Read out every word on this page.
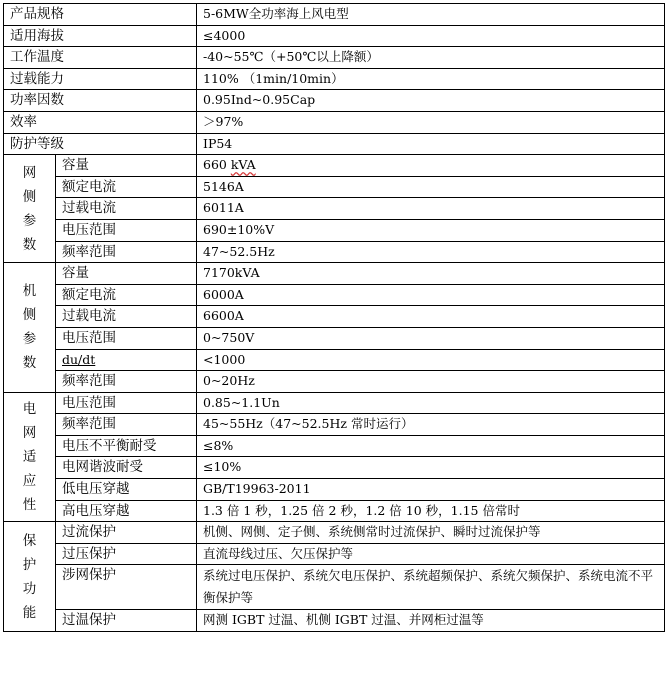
产品规格		5-6MW全功率海上风电型
适用海拔		≤4000
工作温度		-40~55℃（+50℃以上降额）
过载能力		110% （1min/10min）
功率因数		0.95Ind~0.95Cap
效率		＞97%
防护等级		IP54

网
侧
参
数	容量	660 kVA
	额定电流	5146A
	过载电流	6011A
	电压范围	690±10%V
	频率范围	47~52.5Hz

机
侧
参
数	容量	7170kVA
	额定电流	6000A
	过载电流	6600A
	电压范围	0~750V
	du/dt	<1000
	频率范围	0~20Hz

电
网
适
应
性	电压范围	0.85~1.1Un
	频率范围	45~55Hz（47~52.5Hz 常时运行）
	电压不平衡耐受	≤8%
	电网谐波耐受	≤10%
	低电压穿越	GB/T19963-2011
	高电压穿越	1.3 倍 1 秒，1.25 倍 2 秒，1.2 倍 10 秒，1.15 倍常时

保
护
功
能	过流保护	机侧、网侧、定子侧、系统侧常时过流保护、瞬时过流保护等
	过压保护	直流母线过压、欠压保护等
	涉网保护	系统过电压保护、系统欠电压保护、系统超频保护、系统欠频保护、系统电流不平衡保护等
	过温保护	网测 IGBT 过温、机侧 IGBT 过温、并网柜过温等
